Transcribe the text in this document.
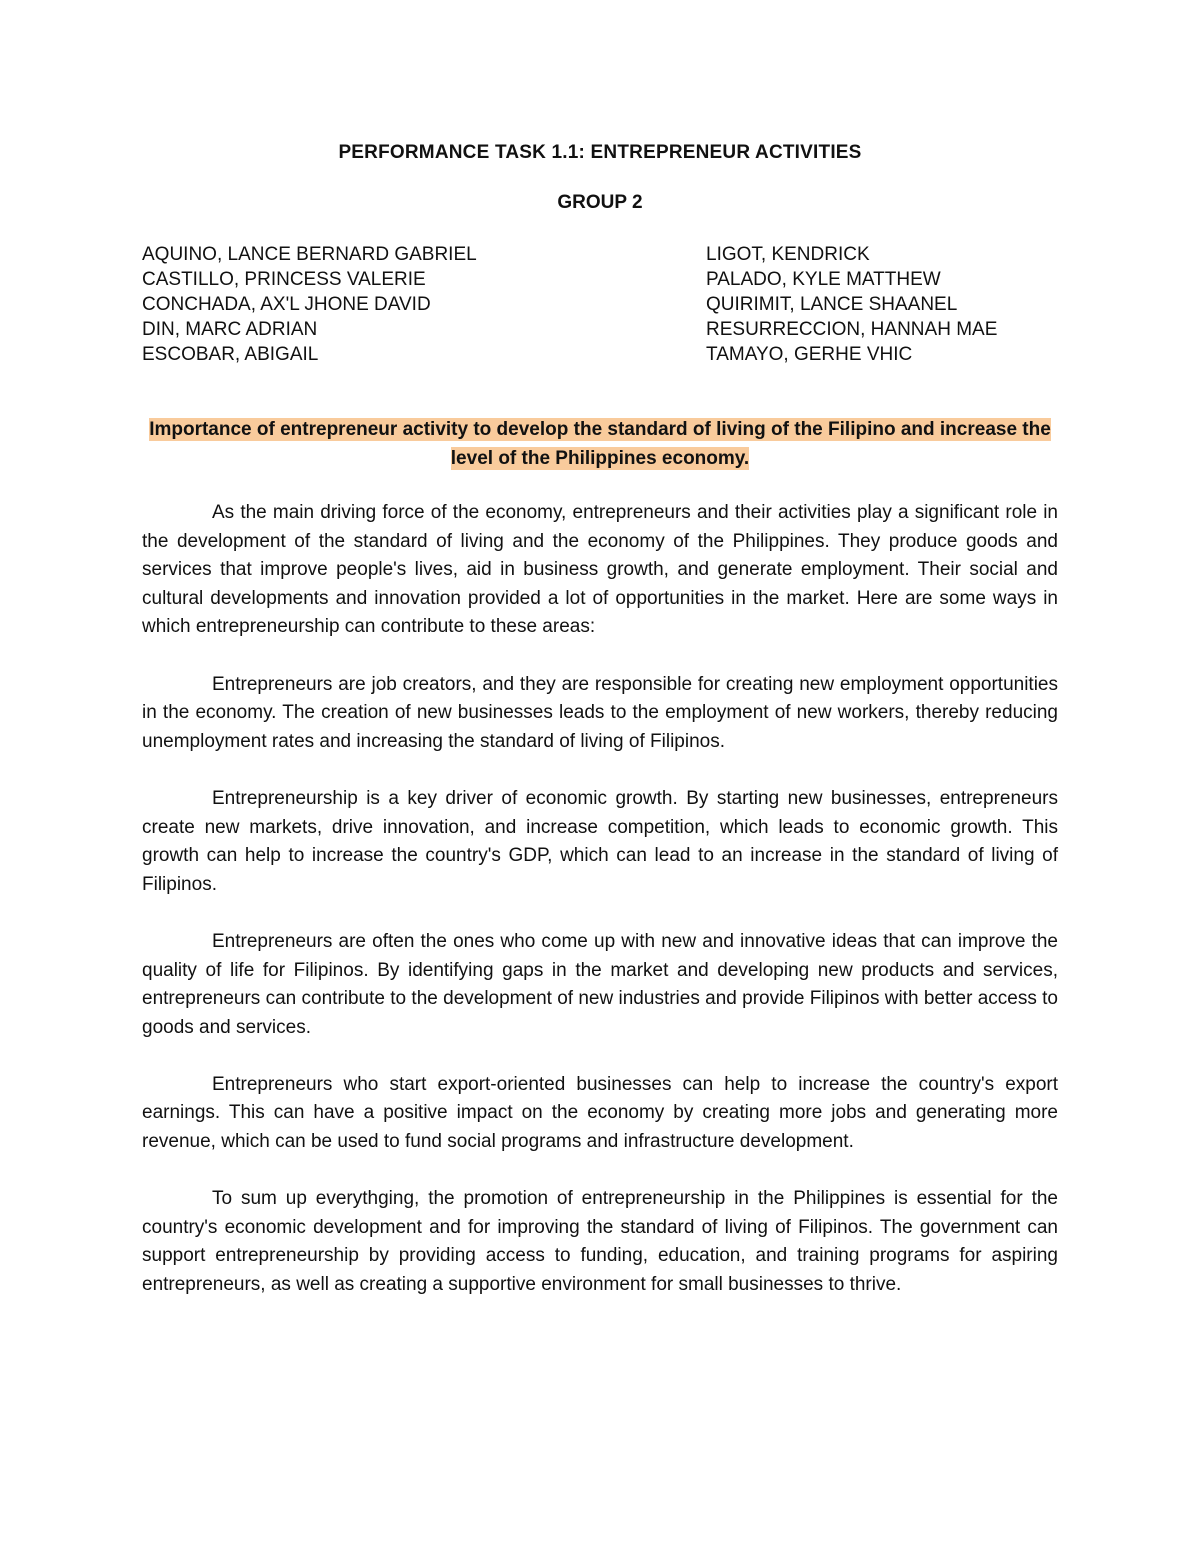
PERFORMANCE TASK 1.1: ENTREPRENEUR ACTIVITIES
GROUP 2
AQUINO, LANCE BERNARD GABRIEL
CASTILLO, PRINCESS VALERIE
CONCHADA, AX'L JHONE DAVID
DIN, MARC ADRIAN
ESCOBAR, ABIGAIL
LIGOT, KENDRICK
PALADO, KYLE MATTHEW
QUIRIMIT, LANCE SHAANEL
RESURRECCION, HANNAH MAE
TAMAYO, GERHE VHIC
Importance of entrepreneur activity to develop the standard of living of the Filipino and increase the level of the Philippines economy.

As the main driving force of the economy, entrepreneurs and their activities play a significant role in the development of the standard of living and the economy of the Philippines. They produce goods and services that improve people's lives, aid in business growth, and generate employment. Their social and cultural developments and innovation provided a lot of opportunities in the market. Here are some ways in which entrepreneurship can contribute to these areas:

Entrepreneurs are job creators, and they are responsible for creating new employment opportunities in the economy. The creation of new businesses leads to the employment of new workers, thereby reducing unemployment rates and increasing the standard of living of Filipinos.

Entrepreneurship is a key driver of economic growth. By starting new businesses, entrepreneurs create new markets, drive innovation, and increase competition, which leads to economic growth. This growth can help to increase the country's GDP, which can lead to an increase in the standard of living of Filipinos.

Entrepreneurs are often the ones who come up with new and innovative ideas that can improve the quality of life for Filipinos. By identifying gaps in the market and developing new products and services, entrepreneurs can contribute to the development of new industries and provide Filipinos with better access to goods and services.

Entrepreneurs who start export-oriented businesses can help to increase the country's export earnings. This can have a positive impact on the economy by creating more jobs and generating more revenue, which can be used to fund social programs and infrastructure development.

To sum up everythging, the promotion of entrepreneurship in the Philippines is essential for the country's economic development and for improving the standard of living of Filipinos. The government can support entrepreneurship by providing access to funding, education, and training programs for aspiring entrepreneurs, as well as creating a supportive environment for small businesses to thrive.
